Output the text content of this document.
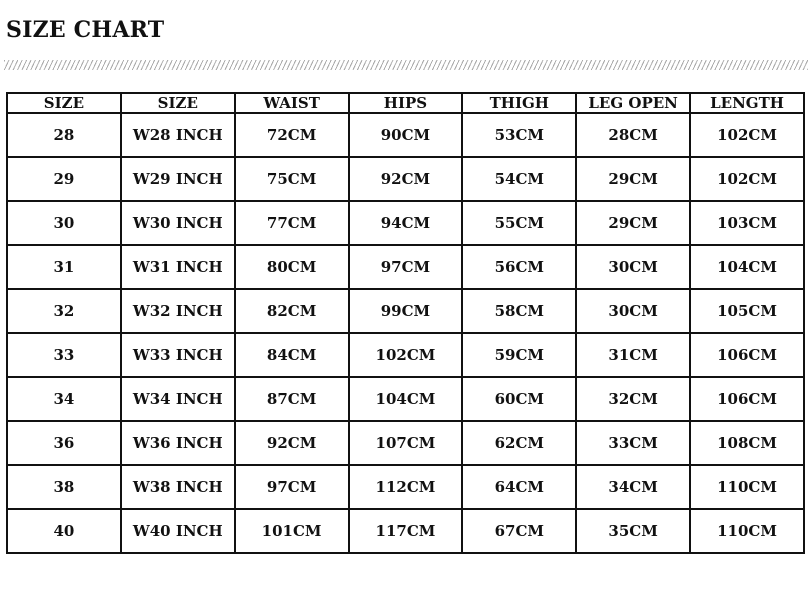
SIZE CHART
SIZE	SIZE	WAIST	HIPS	THIGH	LEG OPEN	LENGTH
28	W28 INCH	72CM	90CM	53CM	28CM	102CM
29	W29 INCH	75CM	92CM	54CM	29CM	102CM
30	W30 INCH	77CM	94CM	55CM	29CM	103CM
31	W31 INCH	80CM	97CM	56CM	30CM	104CM
32	W32 INCH	82CM	99CM	58CM	30CM	105CM
33	W33 INCH	84CM	102CM	59CM	31CM	106CM
34	W34 INCH	87CM	104CM	60CM	32CM	106CM
36	W36 INCH	92CM	107CM	62CM	33CM	108CM
38	W38 INCH	97CM	112CM	64CM	34CM	110CM
40	W40 INCH	101CM	117CM	67CM	35CM	110CM
